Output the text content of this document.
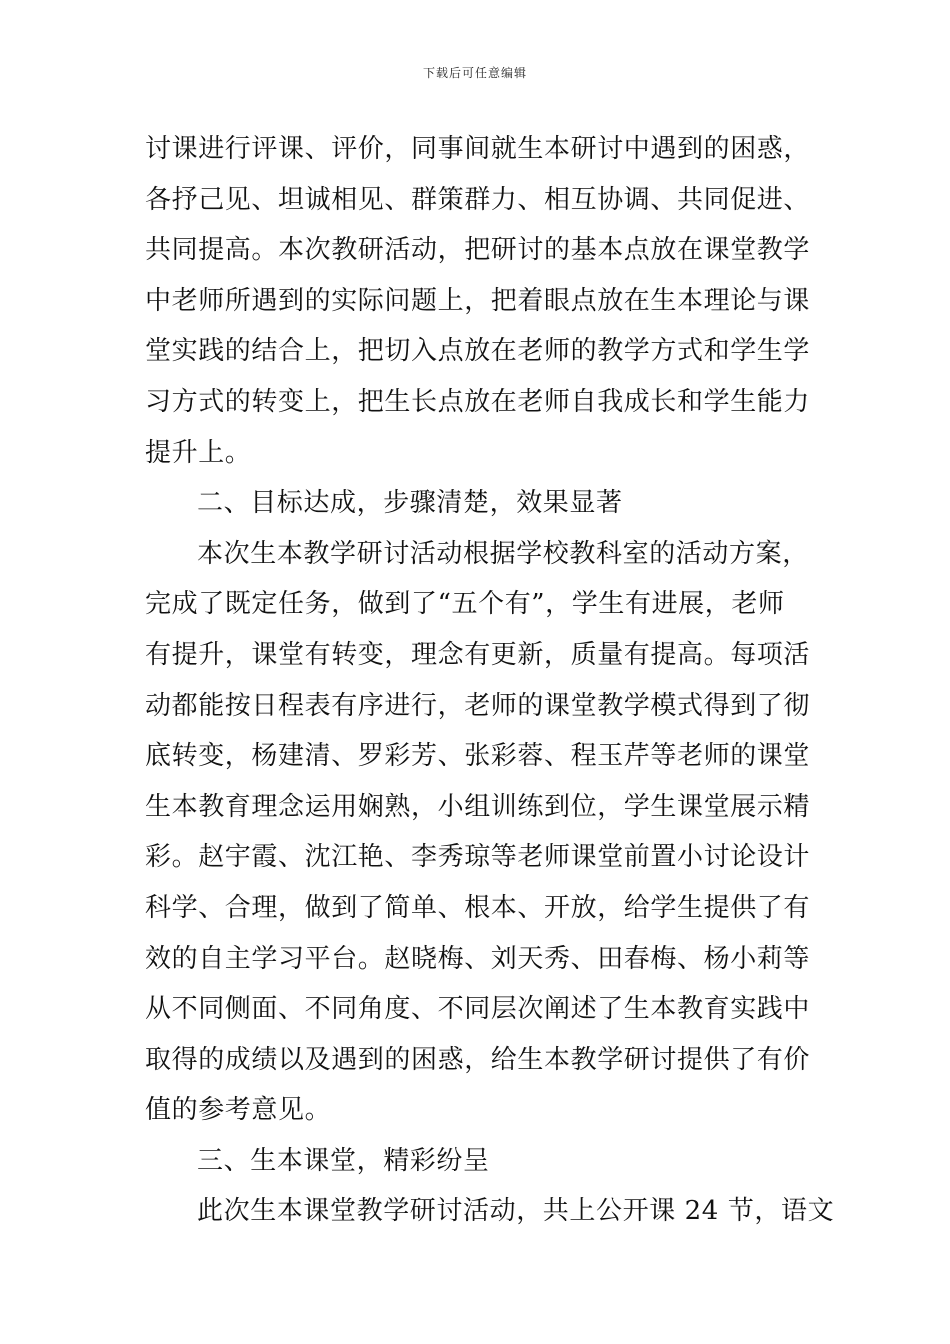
下载后可任意编辑

讨课进行评课、评价，同事间就生本研讨中遇到的困惑，
各抒己见、坦诚相见、群策群力、相互协调、共同促进、
共同提高。本次教研活动，把研讨的基本点放在课堂教学
中老师所遇到的实际问题上，把着眼点放在生本理论与课
堂实践的结合上，把切入点放在老师的教学方式和学生学
习方式的转变上，把生长点放在老师自我成长和学生能力
提升上。

二、目标达成，步骤清楚，效果显著

本次生本教学研讨活动根据学校教科室的活动方案，
完成了既定任务，做到了“五个有”，学生有进展，老师
有提升，课堂有转变，理念有更新，质量有提高。每项活
动都能按日程表有序进行，老师的课堂教学模式得到了彻
底转变，杨建清、罗彩芳、张彩蓉、程玉芹等老师的课堂
生本教育理念运用娴熟，小组训练到位，学生课堂展示精
彩。赵宇霞、沈江艳、李秀琼等老师课堂前置小讨论设计
科学、合理，做到了简单、根本、开放，给学生提供了有
效的自主学习平台。赵晓梅、刘天秀、田春梅、杨小莉等
从不同侧面、不同角度、不同层次阐述了生本教育实践中
取得的成绩以及遇到的困惑，给生本教学研讨提供了有价
值的参考意见。

三、生本课堂，精彩纷呈

此次生本课堂教学研讨活动，共上公开课 24 节，语文
